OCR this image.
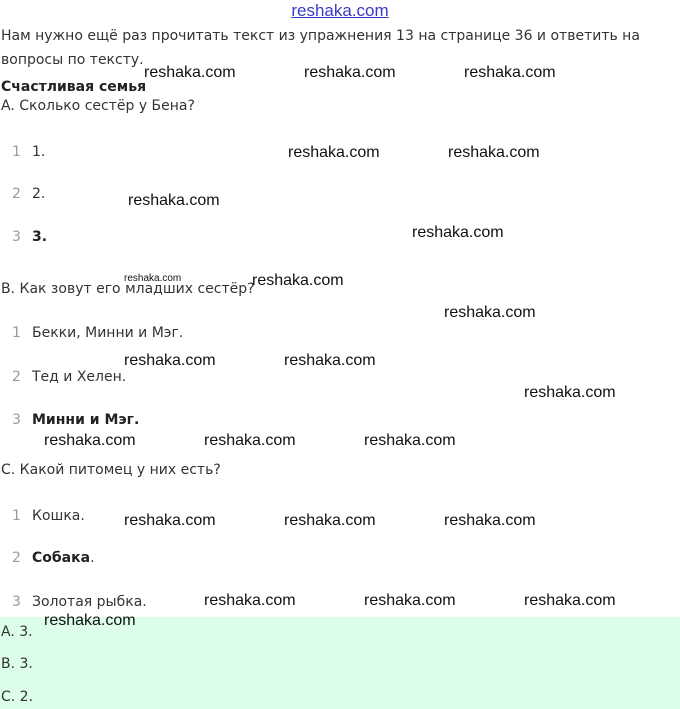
reshaka.com
Нам нужно ещё раз прочитать текст из упражнения 13 на странице 36 и ответить на вопросы по тексту.
Счастливая семья
A. Сколько сестёр у Бена?
1 1.
2 2.
3 3.
B. Как зовут его младших сестёр?
1 Бекки, Минни и Мэг.
2 Тед и Хелен.
3 Минни и Мэг.
C. Какой питомец у них есть?
1 Кошка.
2 Собака.
3 Золотая рыбка.
A. 3.
B. 3.
C. 2.
reshaka.com	reshaka.com	reshaka.com
reshaka.com	reshaka.com
reshaka.com
reshaka.com
reshaka.com	reshaka.com
reshaka.com
reshaka.com	reshaka.com
reshaka.com
reshaka.com	reshaka.com	reshaka.com
reshaka.com	reshaka.com	reshaka.com
reshaka.com	reshaka.com	reshaka.com
reshaka.com
